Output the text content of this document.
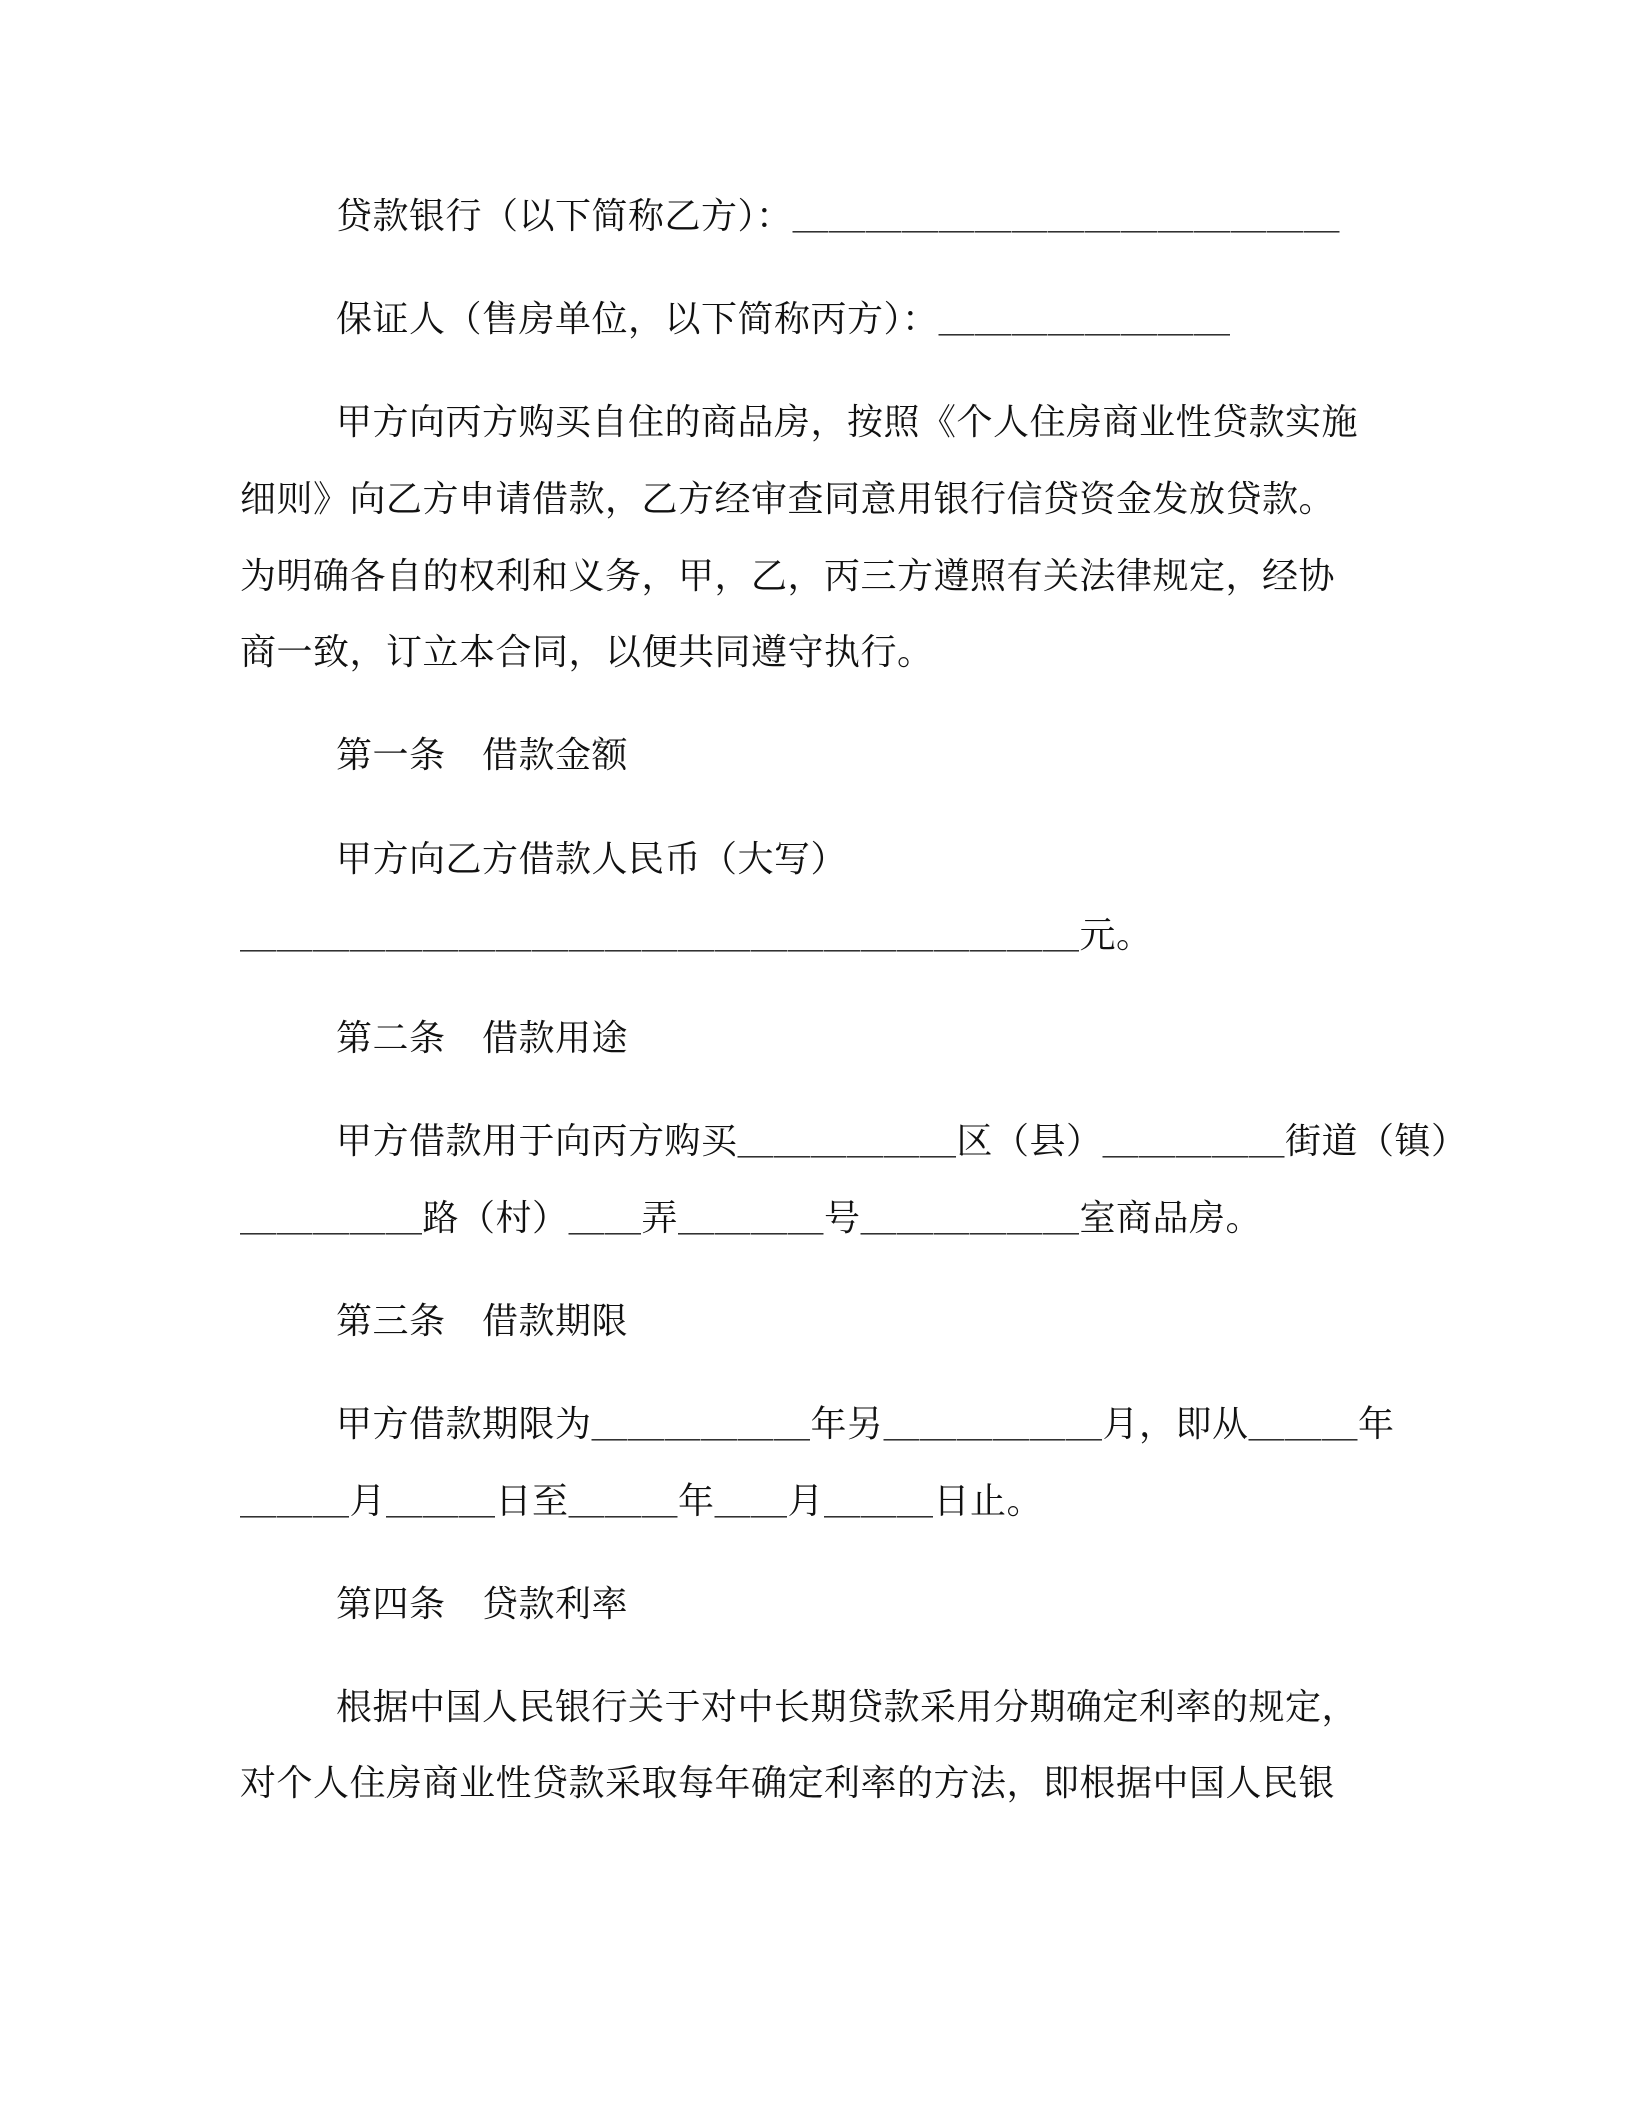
贷款银行（以下简称乙方）：＿＿＿＿＿＿＿＿＿＿＿＿＿＿＿
保证人（售房单位，以下简称丙方）：＿＿＿＿＿＿＿＿
甲方向丙方购买自住的商品房，按照《个人住房商业性贷款实施
细则》向乙方申请借款，乙方经审查同意用银行信贷资金发放贷款。
为明确各自的权利和义务，甲，乙，丙三方遵照有关法律规定，经协
商一致，订立本合同，以便共同遵守执行。
第一条　借款金额
甲方向乙方借款人民币（大写）
＿＿＿＿＿＿＿＿＿＿＿＿＿＿＿＿＿＿＿＿＿＿＿元。
第二条　借款用途
甲方借款用于向丙方购买＿＿＿＿＿＿区（县）＿＿＿＿＿街道（镇）
＿＿＿＿＿路（村）＿＿弄＿＿＿＿号＿＿＿＿＿＿室商品房。
第三条　借款期限
甲方借款期限为＿＿＿＿＿＿年另＿＿＿＿＿＿月，即从＿＿＿年
＿＿＿月＿＿＿日至＿＿＿年＿＿月＿＿＿日止。
第四条　贷款利率
根据中国人民银行关于对中长期贷款采用分期确定利率的规定，
对个人住房商业性贷款采取每年确定利率的方法，即根据中国人民银
